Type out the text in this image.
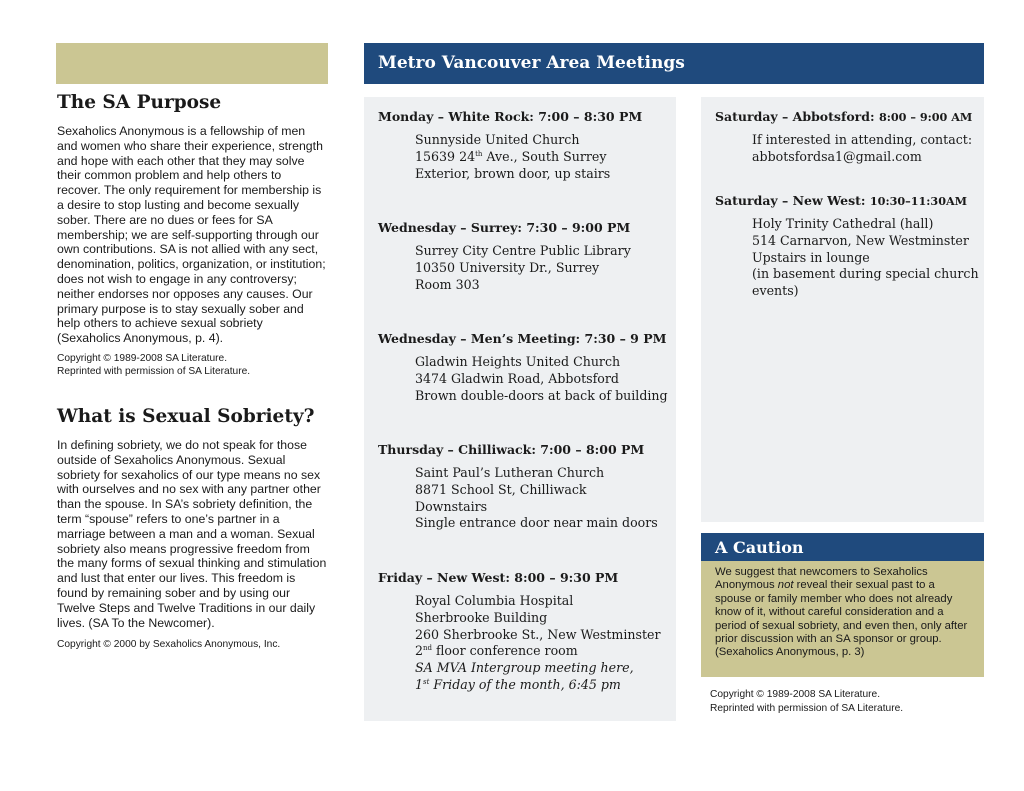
The SA Purpose

Sexaholics Anonymous is a fellowship of men and women who share their experience, strength and hope with each other that they may solve their common problem and help others to recover. The only requirement for membership is a desire to stop lusting and become sexually sober. There are no dues or fees for SA membership; we are self-supporting through our own contributions. SA is not allied with any sect, denomination, politics, organization, or institution; does not wish to engage in any controversy; neither endorses nor opposes any causes. Our primary purpose is to stay sexually sober and help others to achieve sexual sobriety (Sexaholics Anonymous, p. 4).

Copyright © 1989-2008 SA Literature.
Reprinted with permission of SA Literature.
What is Sexual Sobriety?

In defining sobriety, we do not speak for those outside of Sexaholics Anonymous. Sexual sobriety for sexaholics of our type means no sex with ourselves and no sex with any partner other than the spouse. In SA’s sobriety definition, the term “spouse” refers to one’s partner in a marriage between a man and a woman. Sexual sobriety also means progressive freedom from the many forms of sexual thinking and stimulation and lust that enter our lives. This freedom is found by remaining sober and by using our Twelve Steps and Twelve Traditions in our daily lives. (SA To the Newcomer).

Copyright © 2000 by Sexaholics Anonymous, Inc.
Metro Vancouver Area Meetings
Monday – White Rock: 7:00 – 8:30 PM
Sunnyside United Church
15639 24th Ave., South Surrey
Exterior, brown door, up stairs
Wednesday – Surrey: 7:30 – 9:00 PM
Surrey City Centre Public Library
10350 University Dr., Surrey
Room 303
Wednesday – Men’s Meeting: 7:30 – 9 PM
Gladwin Heights United Church
3474 Gladwin Road, Abbotsford
Brown double-doors at back of building
Thursday – Chilliwack: 7:00 – 8:00 PM
Saint Paul’s Lutheran Church
8871 School St, Chilliwack
Downstairs
Single entrance door near main doors
Friday – New West: 8:00 – 9:30 PM
Royal Columbia Hospital
Sherbrooke Building
260 Sherbrooke St., New Westminster
2nd floor conference room
SA MVA Intergroup meeting here,
1st Friday of the month, 6:45 pm
Saturday – Abbotsford: 8:00 – 9:00 AM
If interested in attending, contact:
abbotsfordsa1@gmail.com
Saturday – New West: 10:30–11:30AM
Holy Trinity Cathedral (hall)
514 Carnarvon, New Westminster
Upstairs in lounge
(in basement during special church
events)
A Caution
We suggest that newcomers to Sexaholics Anonymous not reveal their sexual past to a spouse or family member who does not already know of it, without careful consideration and a period of sexual sobriety, and even then, only after prior discussion with an SA sponsor or group. (Sexaholics Anonymous, p. 3)
Copyright © 1989-2008 SA Literature.
Reprinted with permission of SA Literature.
